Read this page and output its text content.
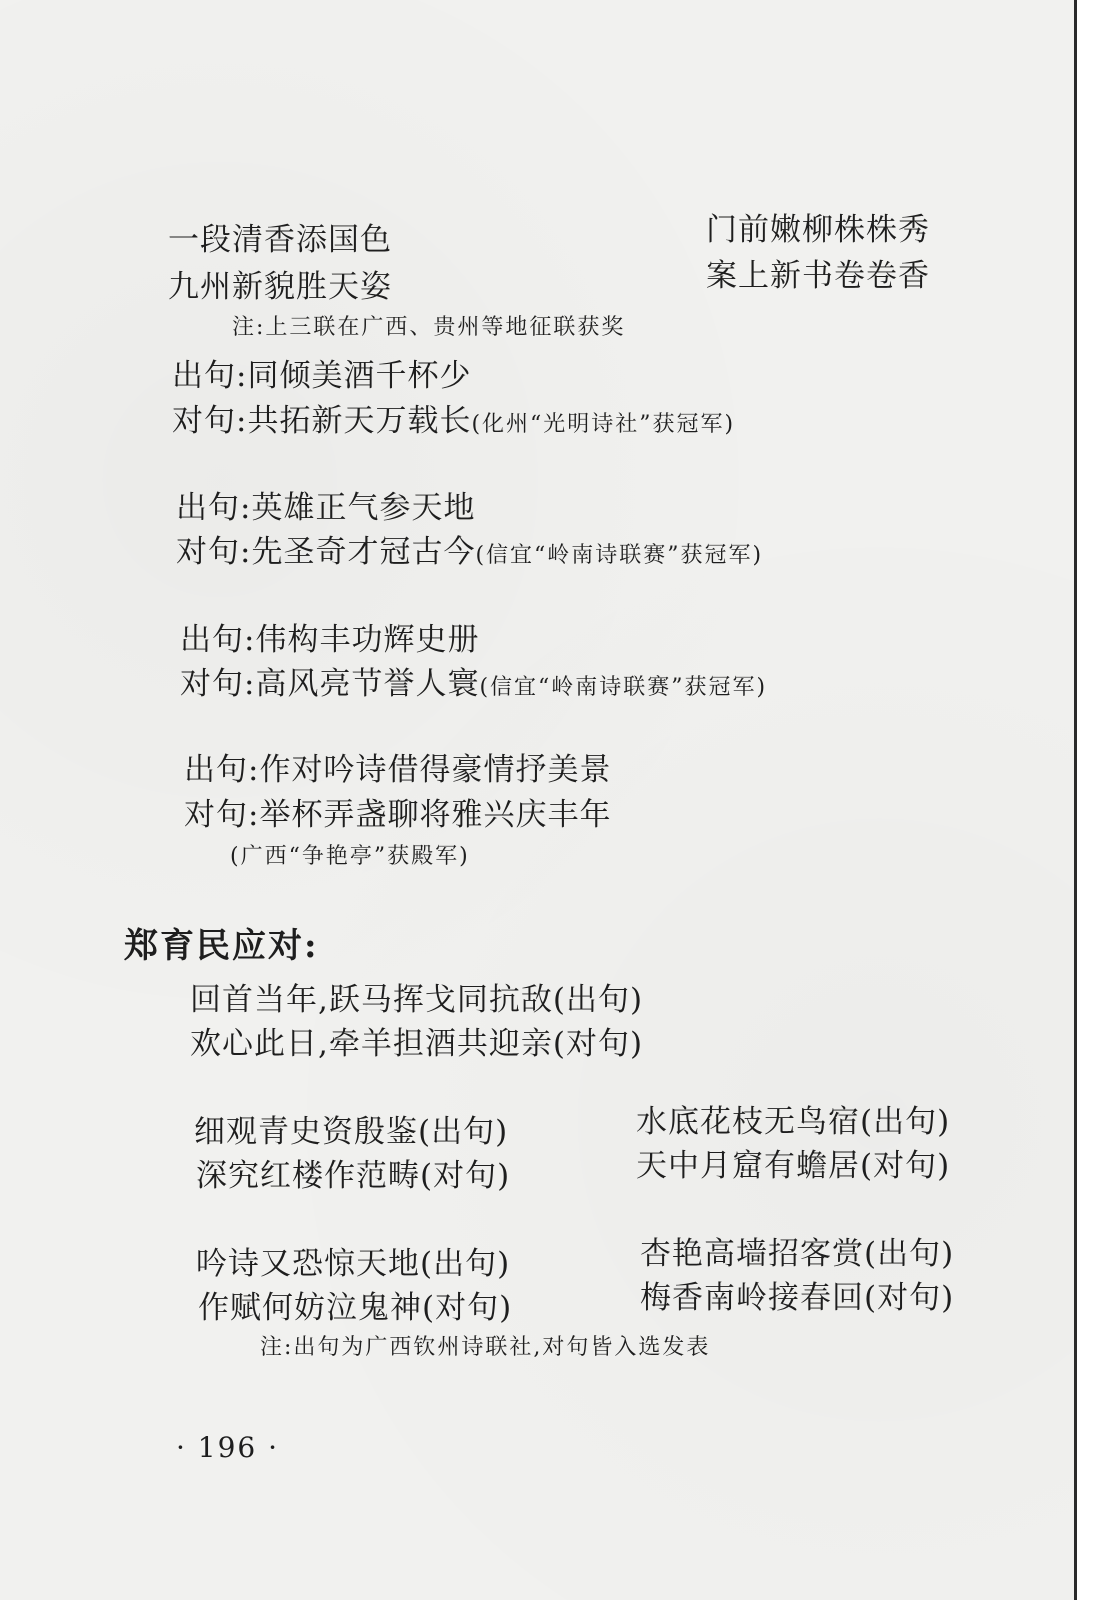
一段清香添国色
九州新貌胜天姿
门前嫩柳株株秀
案上新书卷卷香
注:上三联在广西、贵州等地征联获奖
出句:同倾美酒千杯少
对句:共拓新天万载长(化州“光明诗社”获冠军)
出句:英雄正气参天地
对句:先圣奇才冠古今(信宜“岭南诗联赛”获冠军)
出句:伟构丰功辉史册
对句:高风亮节誉人寰(信宜“岭南诗联赛”获冠军)
出句:作对吟诗借得豪情抒美景
对句:举杯弄盏聊将雅兴庆丰年
(广西“争艳亭”获殿军)
郑育民应对:
回首当年,跃马挥戈同抗敌(出句)
欢心此日,牵羊担酒共迎亲(对句)
细观青史资殷鉴(出句)
深究红楼作范畴(对句)
水底花枝无鸟宿(出句)
天中月窟有蟾居(对句)
吟诗又恐惊天地(出句)
作赋何妨泣鬼神(对句)
杏艳高墙招客赏(出句)
梅香南岭接春回(对句)
注:出句为广西钦州诗联社,对句皆入选发表
· 196 ·
